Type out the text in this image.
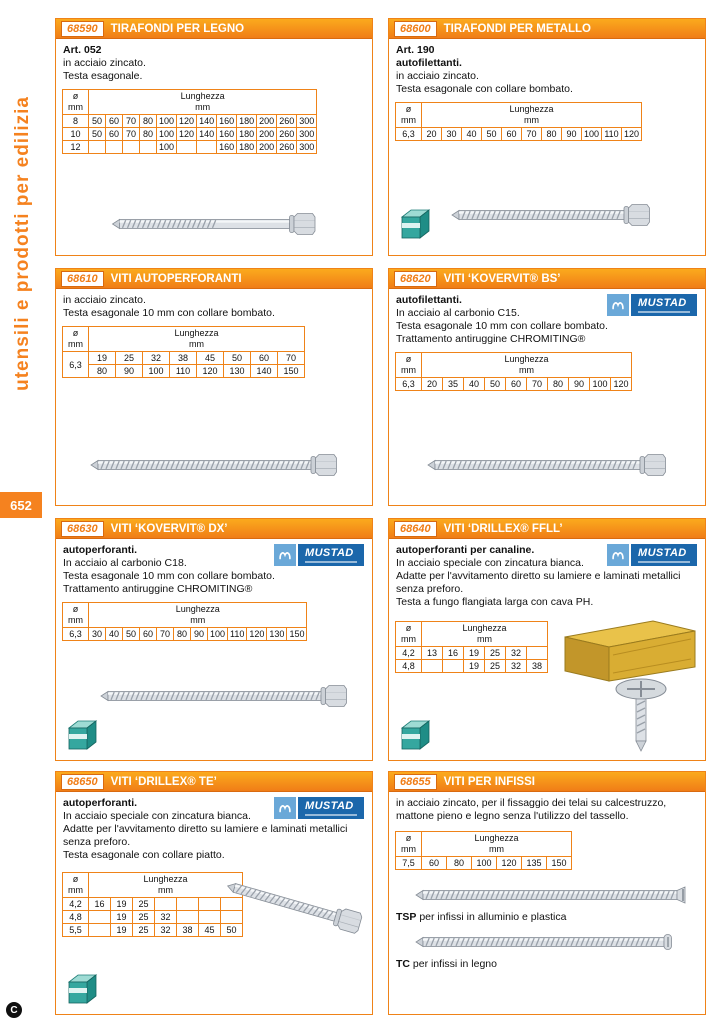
utensili e prodotti per edilizia
652
C
68590	TIRAFONDI PER LEGNO
Art. 052
in acciaio zincato.
Testa esagonale.
ø
mm	Lunghezza
mm											
8	50	60	70	80	100	120	140	160	180	200	260	300
10	50	60	70	80	100	120	140	160	180	200	260	300
12					100			160	180	200	260	300
68600	TIRAFONDI PER METALLO
Art. 190
autofilettanti.
in acciaio zincato.
Testa esagonale con collare bombato.
ø
mm	Lunghezza
mm										
6,3	20	30	40	50	60	70	80	90	100	110	120
68610	VITI AUTOPERFORANTI
in acciaio zincato.
Testa esagonale 10 mm con collare bombato.
ø
mm	Lunghezza
mm							
6,3	19	25	32	38	45	50	60	70
	80	90	100	110	120	130	140	150
68620	VITI ‘KOVERVIT® BS’
MUSTAD
autofilettanti.
In acciaio al carbonio C15.
Testa esagonale 10 mm con collare bombato.
Trattamento antiruggine CHROMITING®
ø
mm	Lunghezza
mm									
6,3	20	35	40	50	60	70	80	90	100	120
68630	VITI ‘KOVERVIT® DX’
MUSTAD
autoperforanti.
In acciaio al carbonio C18.
Testa esagonale 10 mm con collare bombato.
Trattamento antiruggine CHROMITING®
ø
mm	Lunghezza
mm											
6,3	30	40	50	60	70	80	90	100	110	120	130	150
68640	VITI ‘DRILLEX® FFLL’
MUSTAD
autoperforanti per canaline.
In acciaio speciale con zincatura bianca.
Adatte per l'avvitamento diretto su lamiere e laminati metallici senza preforo.
Testa a fungo flangiata larga con cava PH.
ø
mm	Lunghezza
mm					
4,2	13	16	19	25	32	
4,8			19	25	32	38
68650	VITI ‘DRILLEX® TE’
MUSTAD
autoperforanti.
In acciaio speciale con zincatura bianca.
Adatte per l'avvitamento diretto su lamiere e laminati metallici senza preforo.
Testa esagonale con collare piatto.
ø
mm	Lunghezza
mm						
4,2	16	19	25				
4,8		19	25	32			
5,5		19	25	32	38	45	50
68655	VITI PER INFISSI
in acciaio zincato, per il fissaggio dei telai su calcestruzzo, mattone pieno e legno senza l'utilizzo del tassello.
ø
mm	Lunghezza
mm					
7,5	60	80	100	120	135	150
TSP per infissi in alluminio e plastica
TC per infissi in legno
